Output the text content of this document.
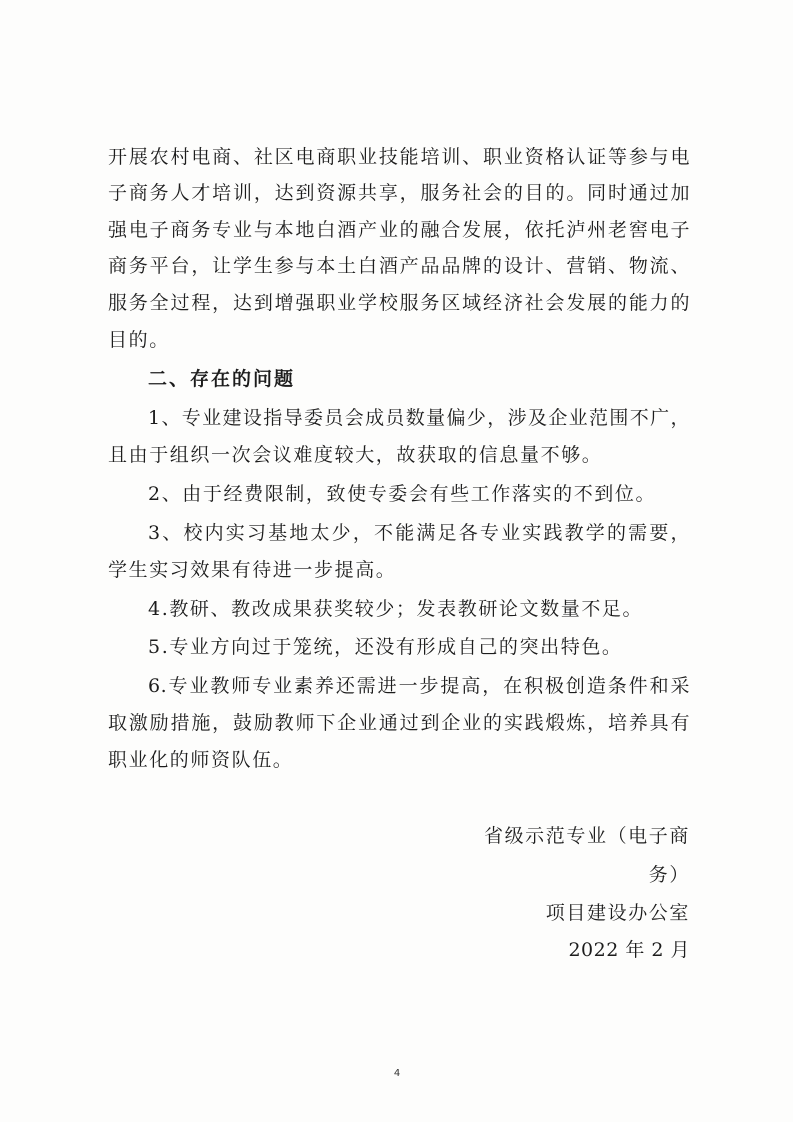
开展农村电商、社区电商职业技能培训、职业资格认证等参与电
子商务人才培训，达到资源共享，服务社会的目的。同时通过加
强电子商务专业与本地白酒产业的融合发展，依托泸州老窖电子
商务平台，让学生参与本土白酒产品品牌的设计、营销、物流、
服务全过程，达到增强职业学校服务区域经济社会发展的能力的
目的。
二、存在的问题
1、专业建设指导委员会成员数量偏少，涉及企业范围不广，
且由于组织一次会议难度较大，故获取的信息量不够。
2、由于经费限制，致使专委会有些工作落实的不到位。
3、校内实习基地太少，不能满足各专业实践教学的需要，
学生实习效果有待进一步提高。
4.教研、教改成果获奖较少；发表教研论文数量不足。
5.专业方向过于笼统，还没有形成自己的突出特色。
6.专业教师专业素养还需进一步提高，在积极创造条件和采
取激励措施，鼓励教师下企业通过到企业的实践煅炼，培养具有
职业化的师资队伍。
省级示范专业（电子商
务）
项目建设办公室
2022 年 2 月
4
